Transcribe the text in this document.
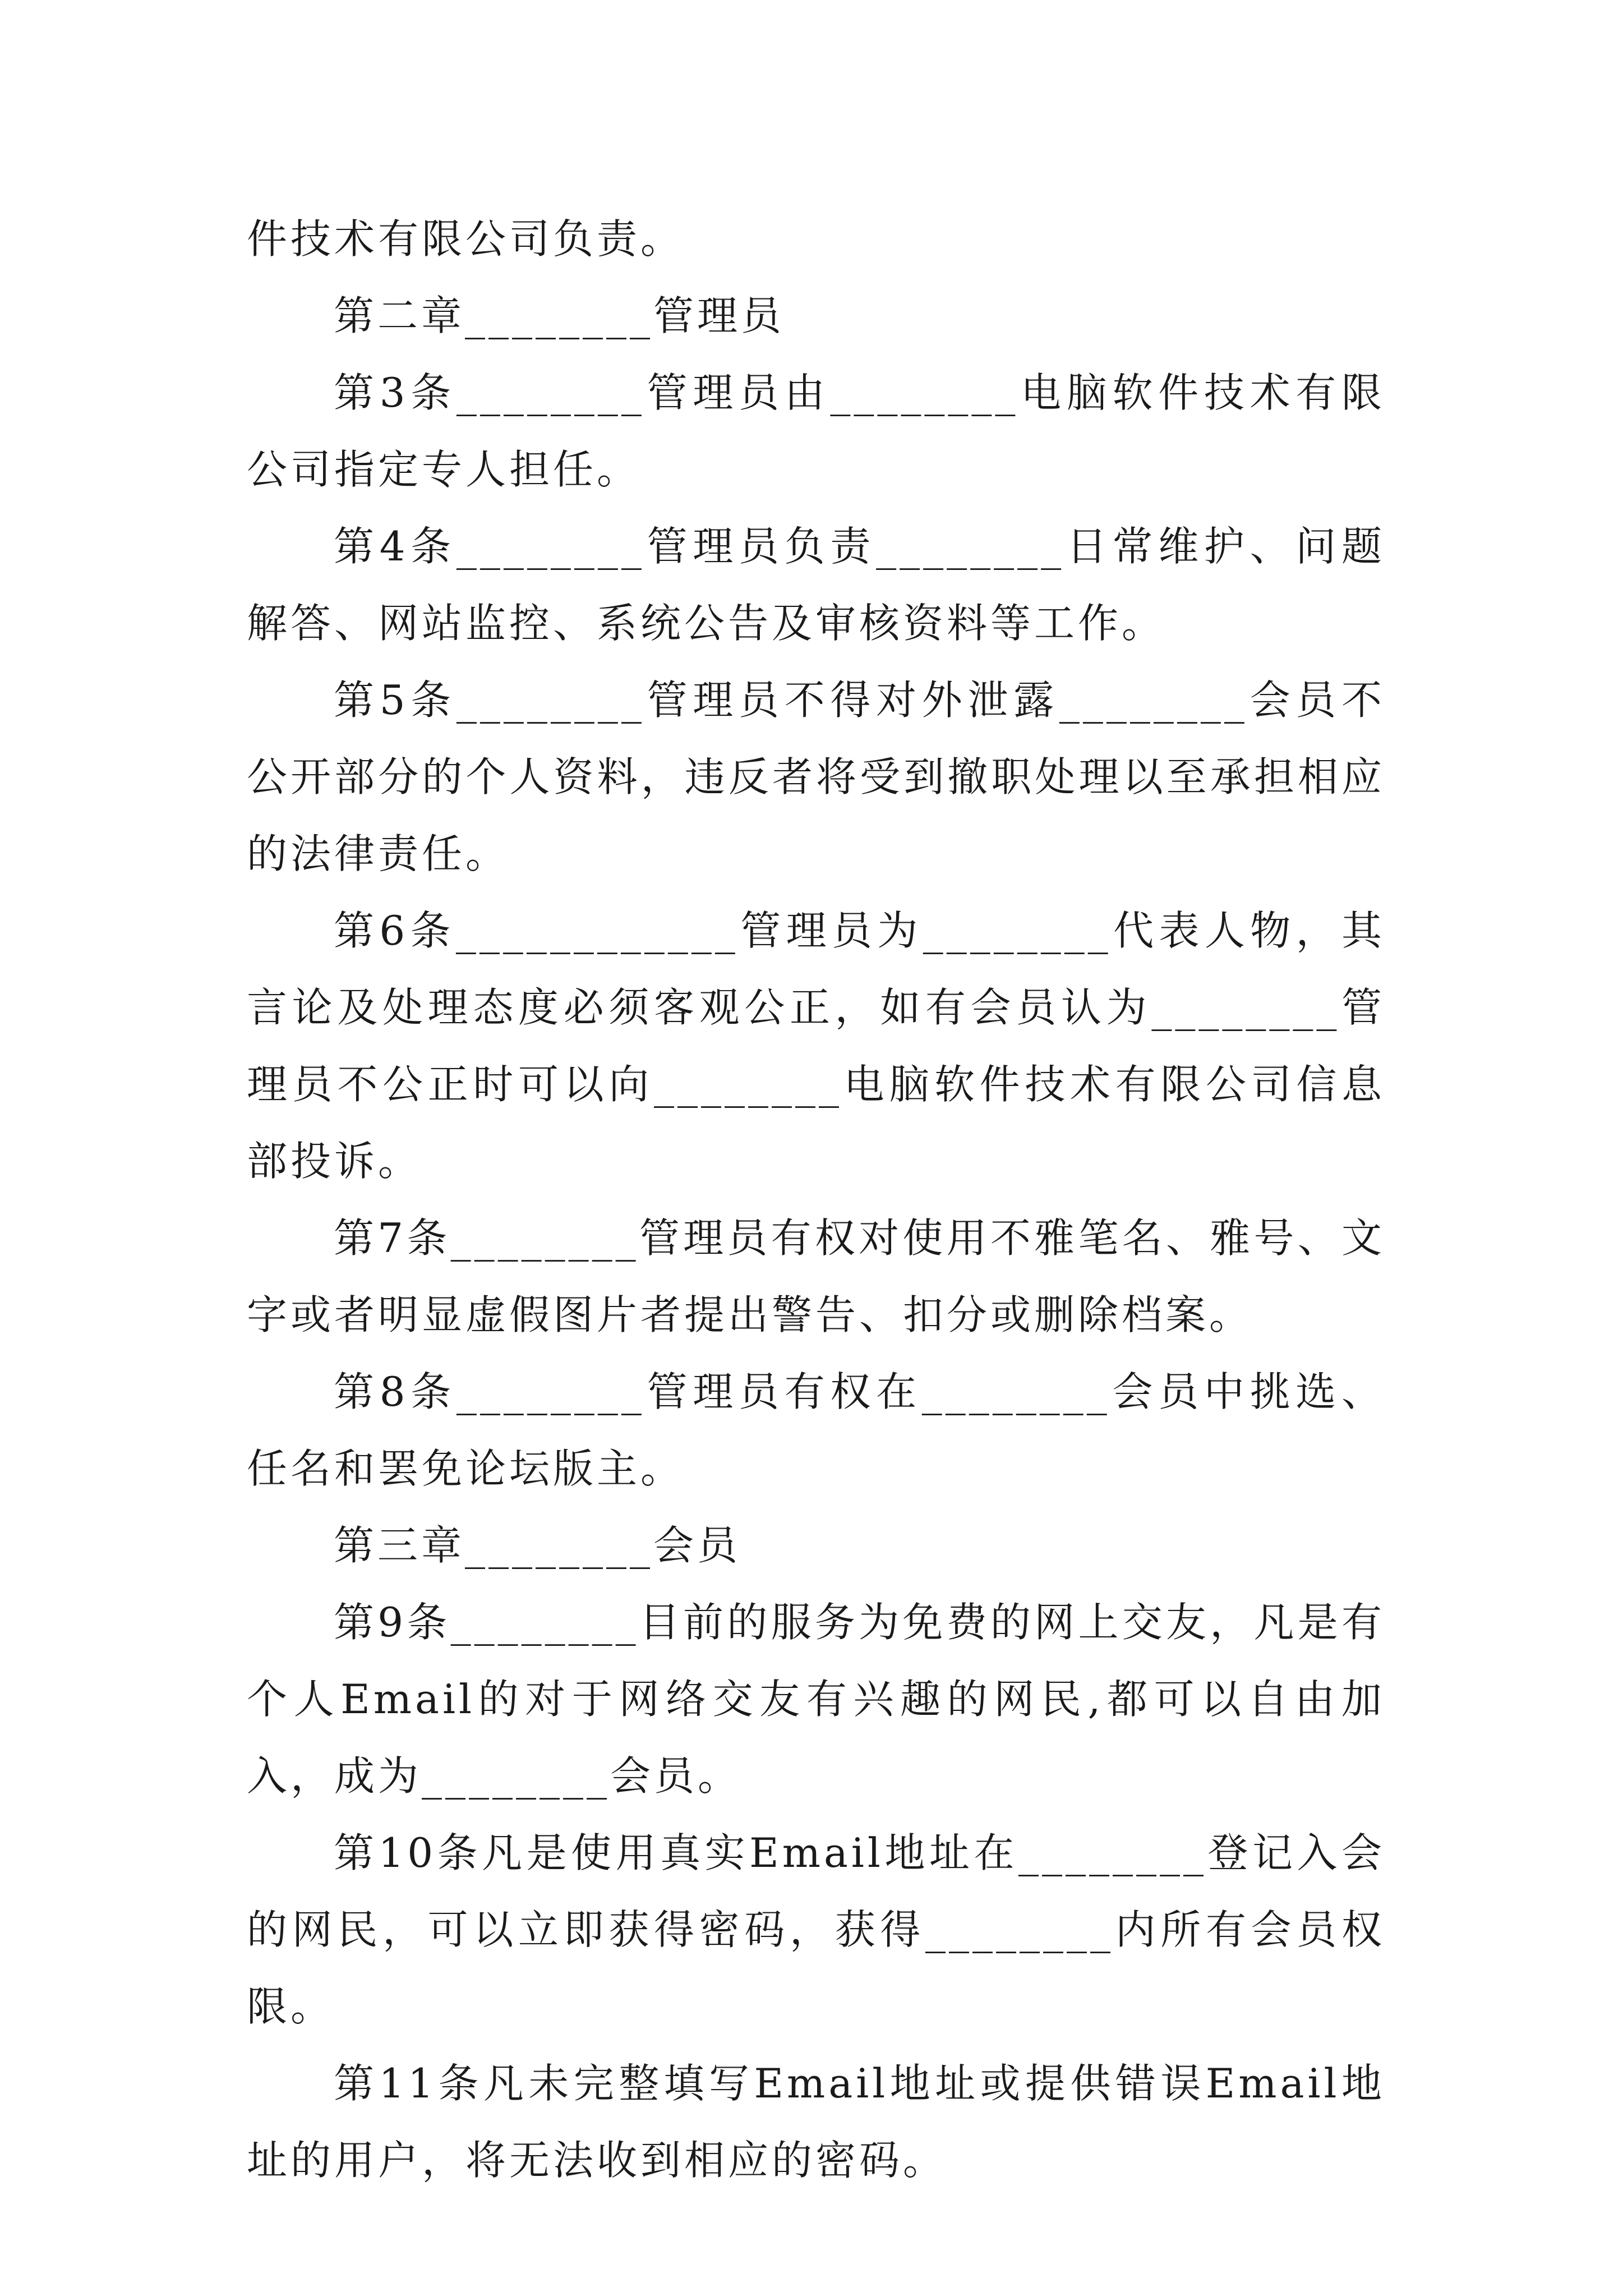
件技术有限公司负责。

第二章________管理员

第3条________管理员由________电脑软件技术有限公司指定专人担任。

第4条________管理员负责________日常维护、问题解答、网站监控、系统公告及审核资料等工作。

第5条________管理员不得对外泄露________会员不公开部分的个人资料，违反者将受到撤职处理以至承担相应的法律责任。

第6条____________管理员为________代表人物，其言论及处理态度必须客观公正，如有会员认为________管理员不公正时可以向________电脑软件技术有限公司信息部投诉。

第7条________管理员有权对使用不雅笔名、雅号、文字或者明显虚假图片者提出警告、扣分或删除档案。

第8条________管理员有权在________会员中挑选、任名和罢免论坛版主。

第三章________会员

第9条________目前的服务为免费的网上交友，凡是有个人Email的对于网络交友有兴趣的网民,都可以自由加入，成为________会员。

第10条凡是使用真实Email地址在________登记入会的网民，可以立即获得密码，获得________内所有会员权限。

第11条凡未完整填写Email地址或提供错误Email地址的用户，将无法收到相应的密码。
